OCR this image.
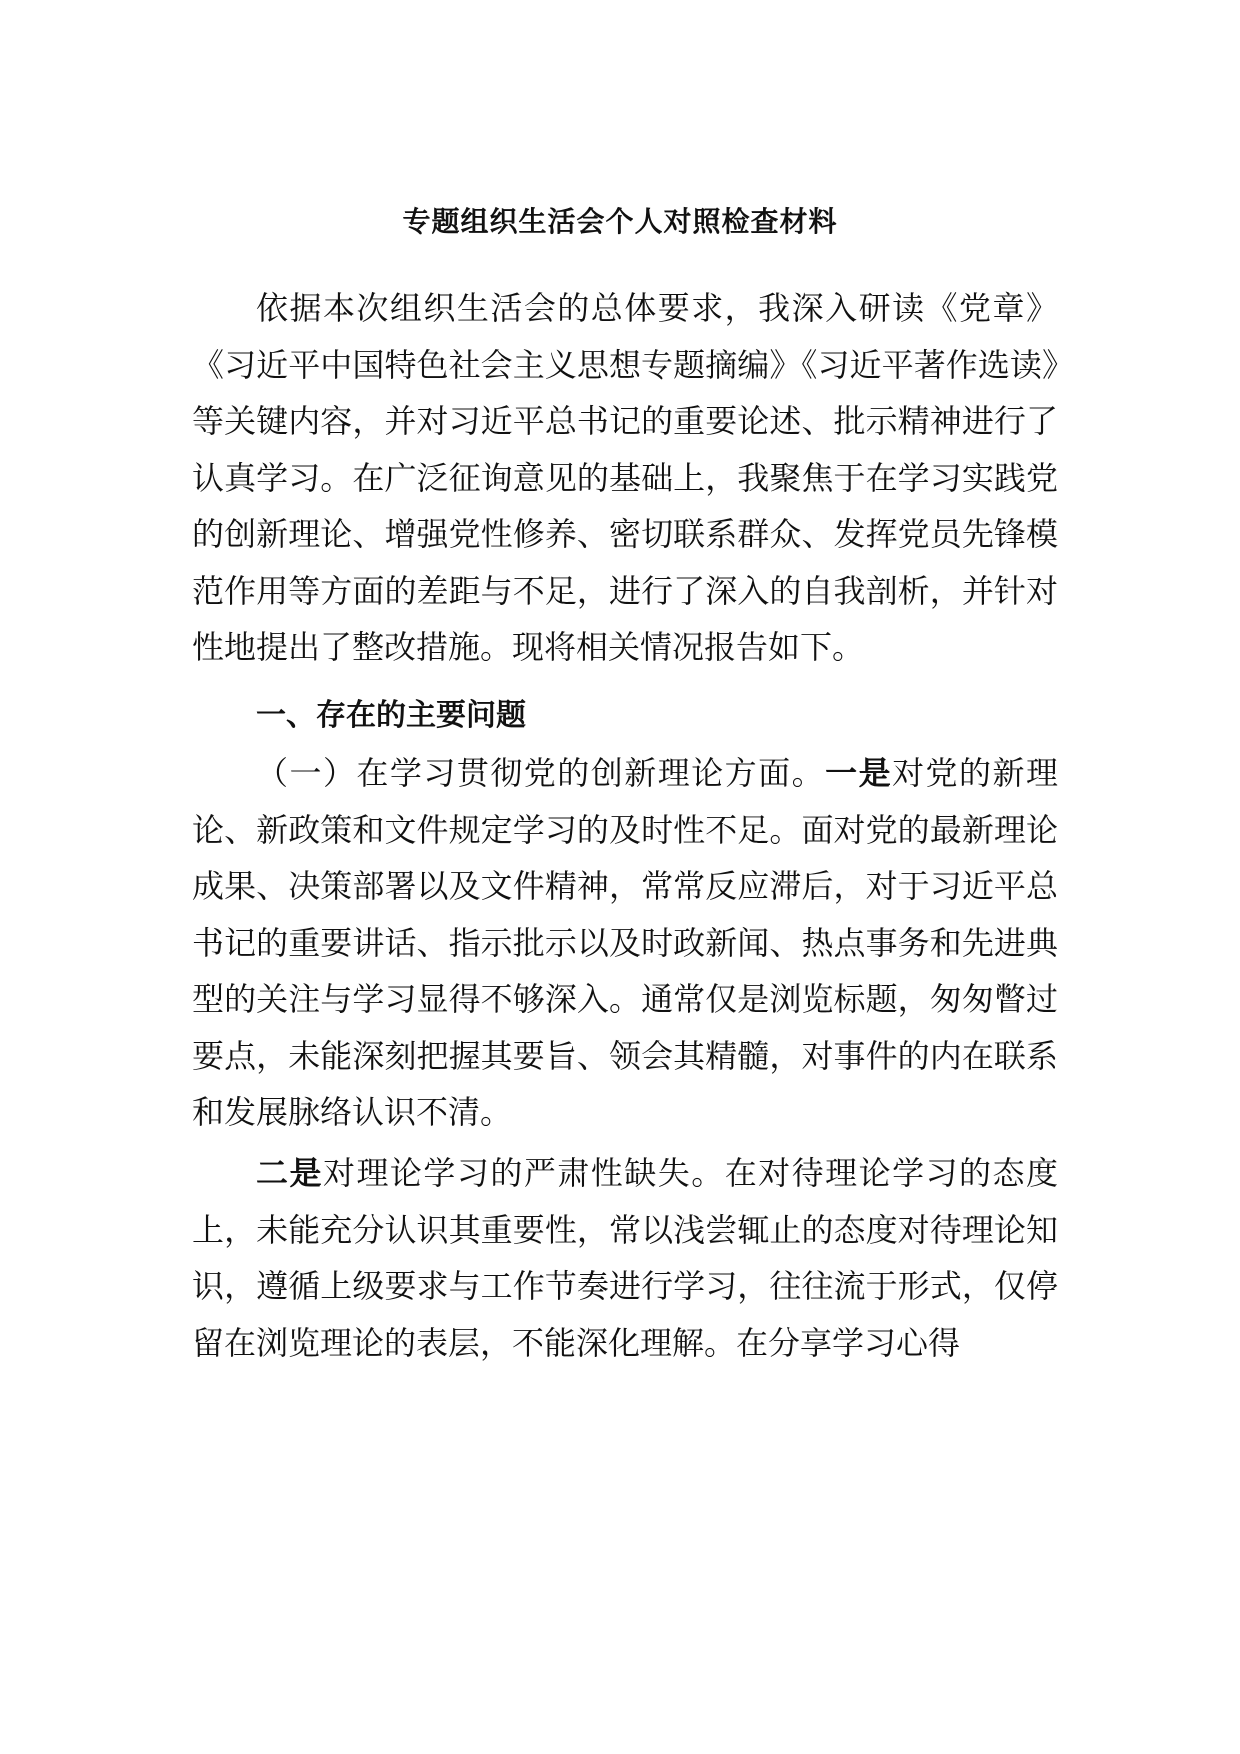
专题组织生活会个人对照检查材料

依据本次组织生活会的总体要求，我深入研读《党章》《习近平中国特色社会主义思想专题摘编》《习近平著作选读》等关键内容，并对习近平总书记的重要论述、批示精神进行了认真学习。在广泛征询意见的基础上，我聚焦于在学习实践党的创新理论、增强党性修养、密切联系群众、发挥党员先锋模范作用等方面的差距与不足，进行了深入的自我剖析，并针对性地提出了整改措施。现将相关情况报告如下。

一、存在的主要问题

（一）在学习贯彻党的创新理论方面。一是对党的新理论、新政策和文件规定学习的及时性不足。面对党的最新理论成果、决策部署以及文件精神，常常反应滞后，对于习近平总书记的重要讲话、指示批示以及时政新闻、热点事务和先进典型的关注与学习显得不够深入。通常仅是浏览标题，匆匆瞥过要点，未能深刻把握其要旨、领会其精髓，对事件的内在联系和发展脉络认识不清。

二是对理论学习的严肃性缺失。在对待理论学习的态度上，未能充分认识其重要性，常以浅尝辄止的态度对待理论知识，遵循上级要求与工作节奏进行学习，往往流于形式，仅停留在浏览理论的表层，不能深化理解。在分享学习心得
